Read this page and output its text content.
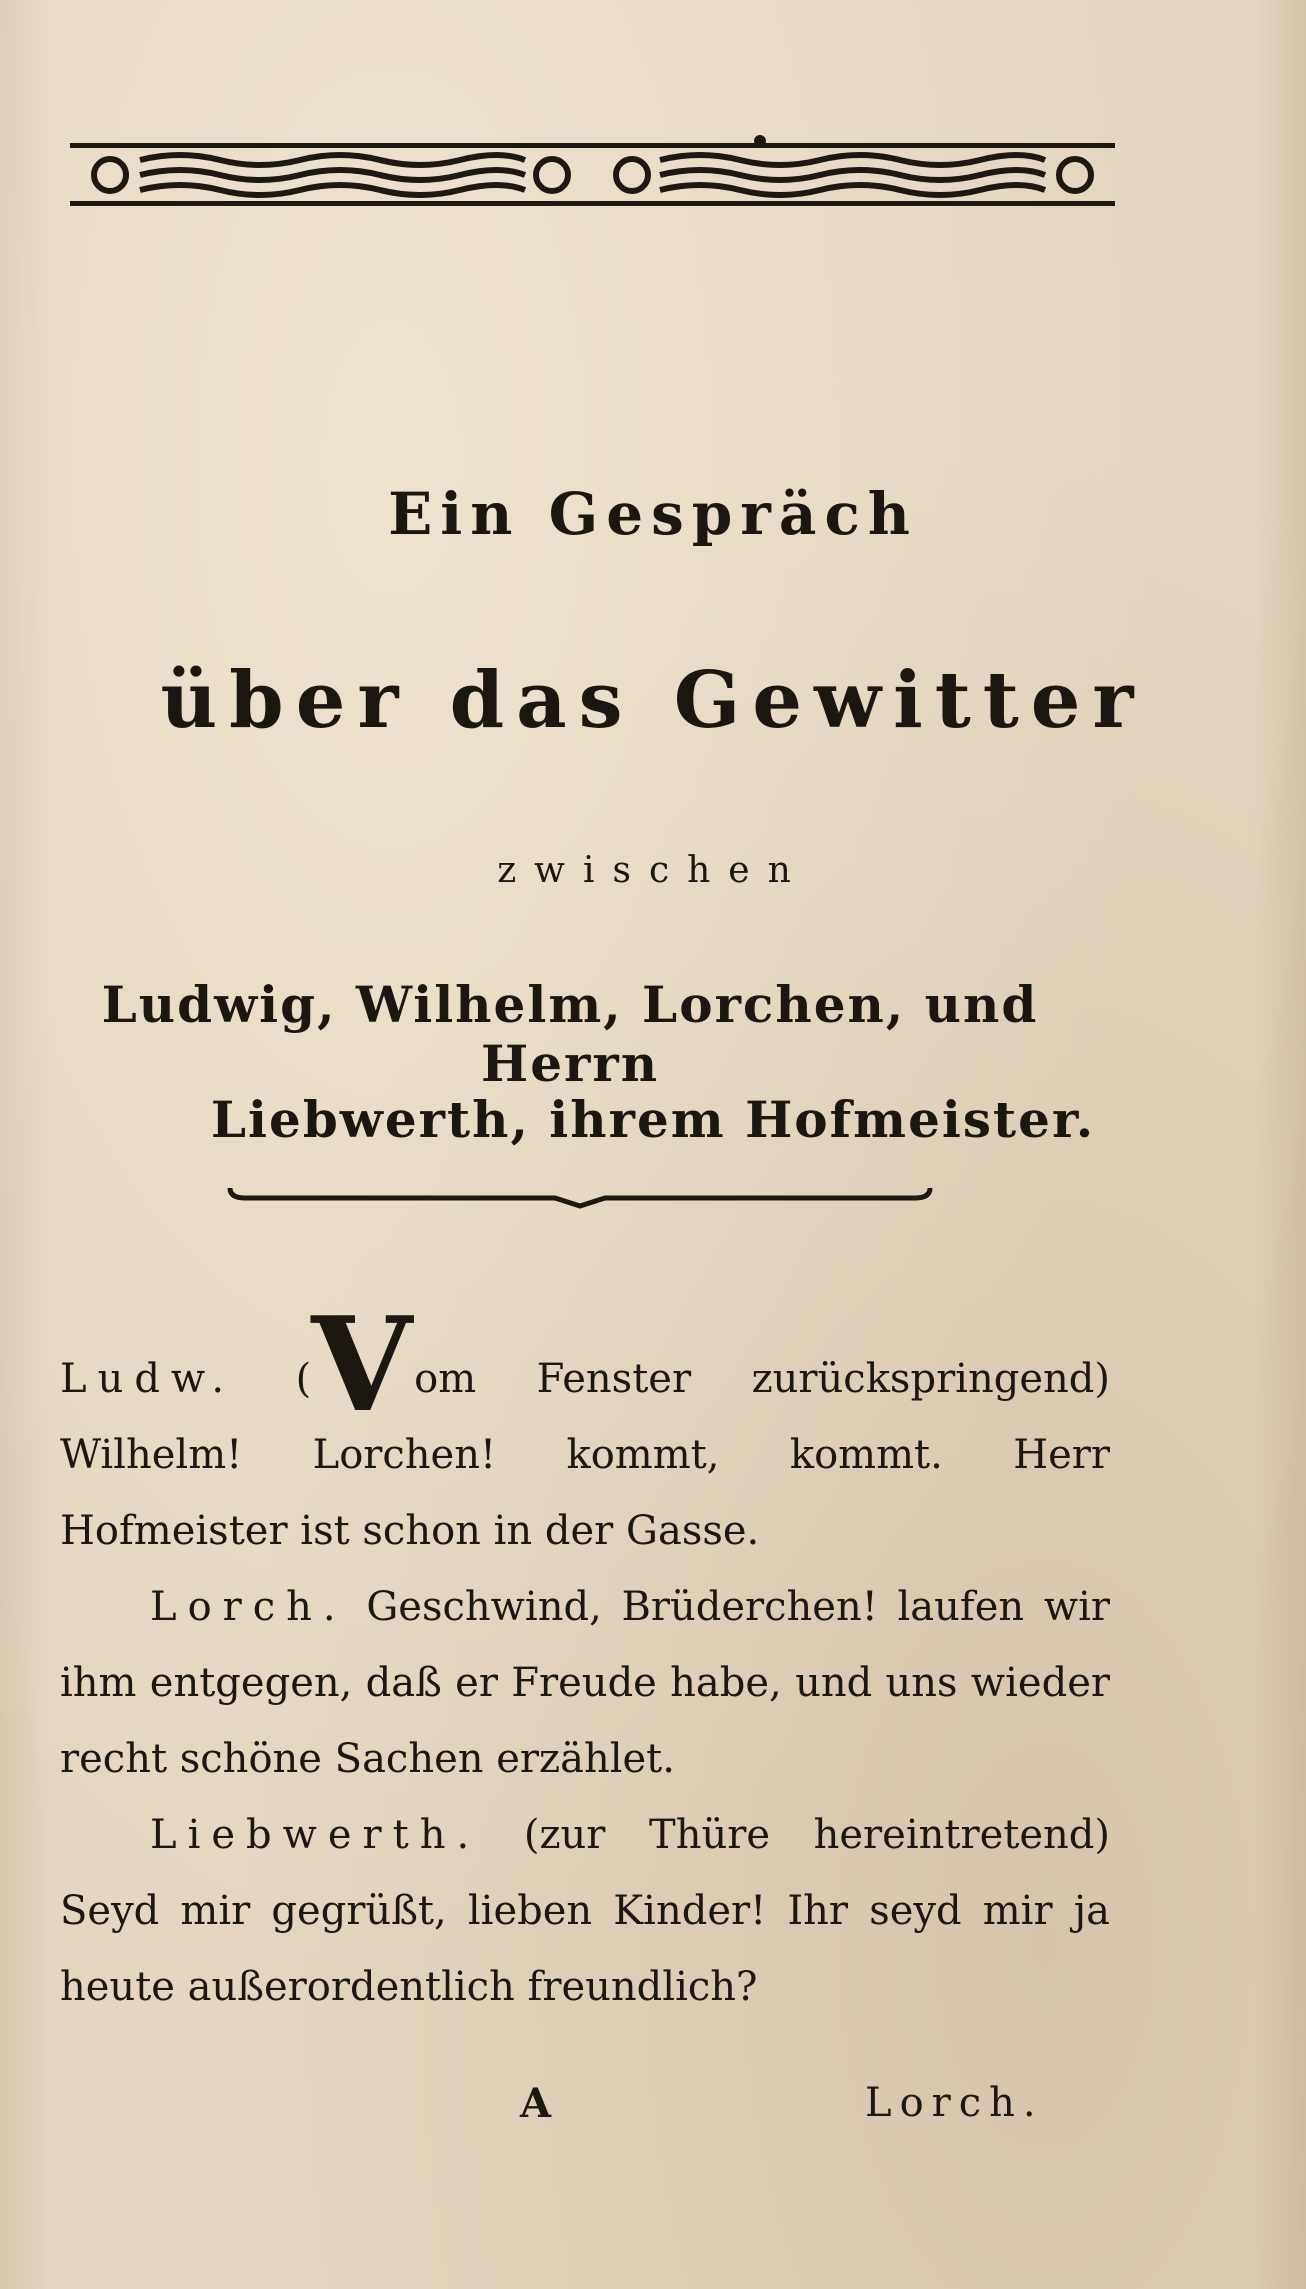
Ein Gespräch
über das Gewitter
zwischen
Ludwig, Wilhelm, Lorchen, und Herrn
Liebwerth, ihrem Hofmeister.

Ludw. (Vom Fenster zurückspringend) Wilhelm! Lorchen! kommt, kommt. Herr Hofmeister ist schon in der Gasse.

Lorch. Geschwind, Brüderchen! laufen wir ihm entgegen, daß er Freude habe, und uns wieder recht schöne Sachen erzählet.

Liebwerth. (zur Thüre hereintretend) Seyd mir gegrüßt, lieben Kinder! Ihr seyd mir ja heute außerordentlich freundlich?

A	Lorch.
